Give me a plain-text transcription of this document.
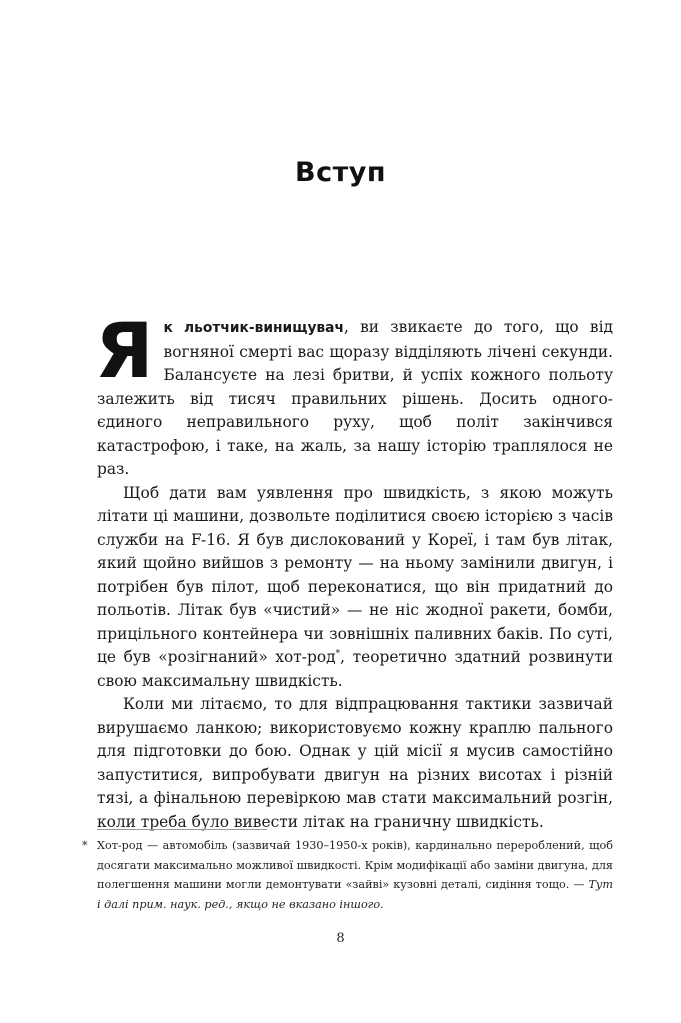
Вступ

Як льотчик-винищувач, ви звикаєте до того, що від вогняної смерті вас щоразу відділяють лічені секунди. Балансуєте на лезі бритви, й успіх кожного польоту залежить від тисяч правильних рішень. Досить одного-єдиного неправильного руху, щоб політ закінчився катастрофою, і таке, на жаль, за нашу історію траплялося не раз.

Щоб дати вам уявлення про швидкість, з якою можуть літати ці машини, дозвольте поділитися своєю історією з часів служби на F-16. Я був дислокований у Кореї, і там був літак, який щойно вийшов з ремонту — на ньому замінили двигун, і потрібен був пілот, щоб переконатися, що він придатний до польотів. Літак був «чистий» — не ніс жодної ракети, бомби, прицільного контейнера чи зовнішніх паливних баків. По суті, це був «розігнаний» хот-род*, теоретично здатний розвинути свою максимальну швидкість.

Коли ми літаємо, то для відпрацювання тактики зазвичай вирушаємо ланкою; використовуємо кожну краплю пального для підготовки до бою. Однак у цій місії я мусив самостійно запуститися, випробувати двигун на різних висотах і різній тязі, а фінальною перевіркою мав стати максимальний розгін, коли треба було вивести літак на граничну швидкість.

* Хот-род — автомобіль (зазвичай 1930–1950-х років), кардинально перероблений, щоб досягати максимально можливої швидкості. Крім модифікації або заміни двигуна, для полегшення машини могли демонтувати «зайві» кузовні деталі, сидіння тощо. — Тут і далі прим. наук. ред., якщо не вказано іншого.
8
